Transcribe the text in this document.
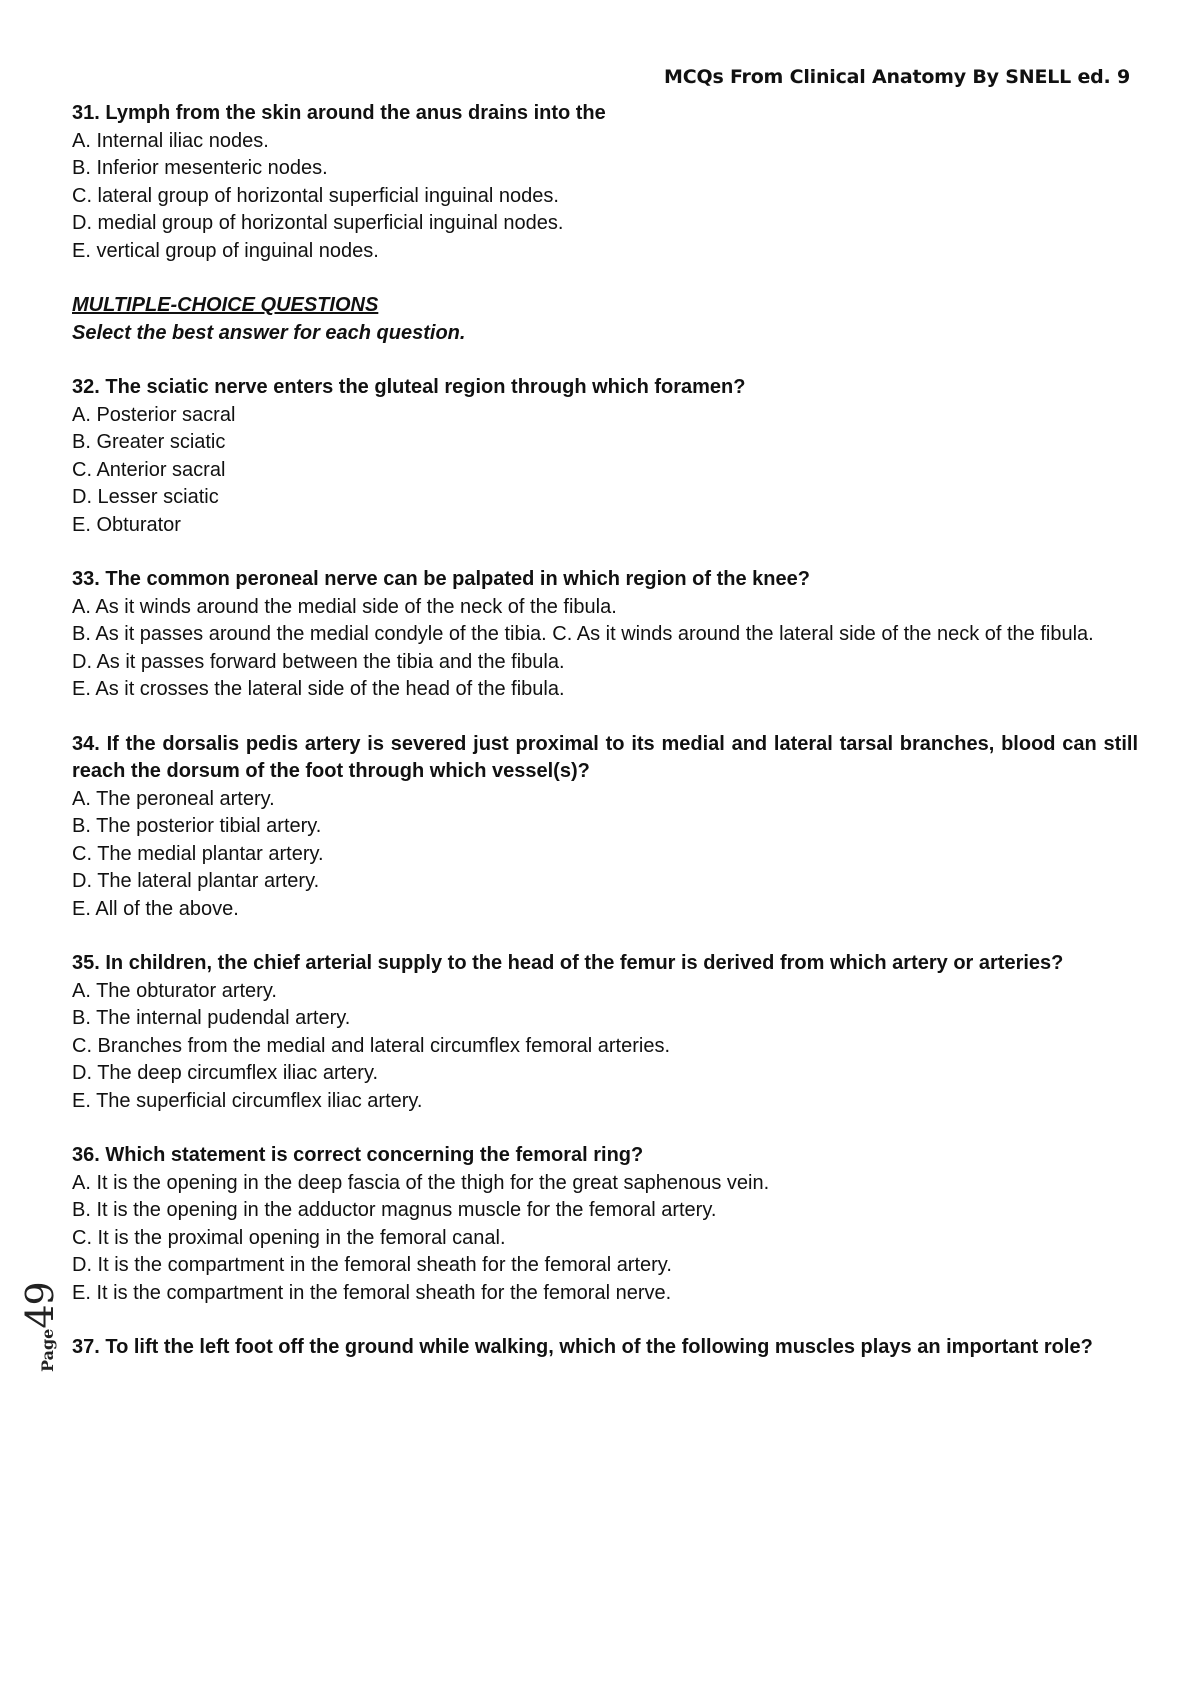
MCQs From Clinical Anatomy By SNELL ed. 9
31. Lymph from the skin around the anus drains into the
A. Internal iliac nodes.
B. Inferior mesenteric nodes.
C. lateral group of horizontal superficial inguinal nodes.
D. medial group of horizontal superficial inguinal nodes.
E. vertical group of inguinal nodes.
MULTIPLE-CHOICE QUESTIONS
Select the best answer for each question.
32. The sciatic nerve enters the gluteal region through which foramen?
A. Posterior sacral
B. Greater sciatic
C. Anterior sacral
D. Lesser sciatic
E. Obturator
33. The common peroneal nerve can be palpated in which region of the knee?
A. As it winds around the medial side of the neck of the fibula.
B. As it passes around the medial condyle of the tibia. C. As it winds around the lateral side of the neck of the fibula.
D. As it passes forward between the tibia and the fibula.
E. As it crosses the lateral side of the head of the fibula.
34. If the dorsalis pedis artery is severed just proximal to its medial and lateral tarsal branches, blood can still reach the dorsum of the foot through which vessel(s)?
A. The peroneal artery.
B. The posterior tibial artery.
C. The medial plantar artery.
D. The lateral plantar artery.
E. All of the above.
35. In children, the chief arterial supply to the head of the femur is derived from which artery or arteries?
A. The obturator artery.
B. The internal pudendal artery.
C. Branches from the medial and lateral circumflex femoral arteries.
D. The deep circumflex iliac artery.
E. The superficial circumflex iliac artery.
36. Which statement is correct concerning the femoral ring?
A. It is the opening in the deep fascia of the thigh for the great saphenous vein.
B. It is the opening in the adductor magnus muscle for the femoral artery.
C. It is the proximal opening in the femoral canal.
D. It is the compartment in the femoral sheath for the femoral artery.
E. It is the compartment in the femoral sheath for the femoral nerve.
37. To lift the left foot off the ground while walking, which of the following muscles plays an important role?
Page49
